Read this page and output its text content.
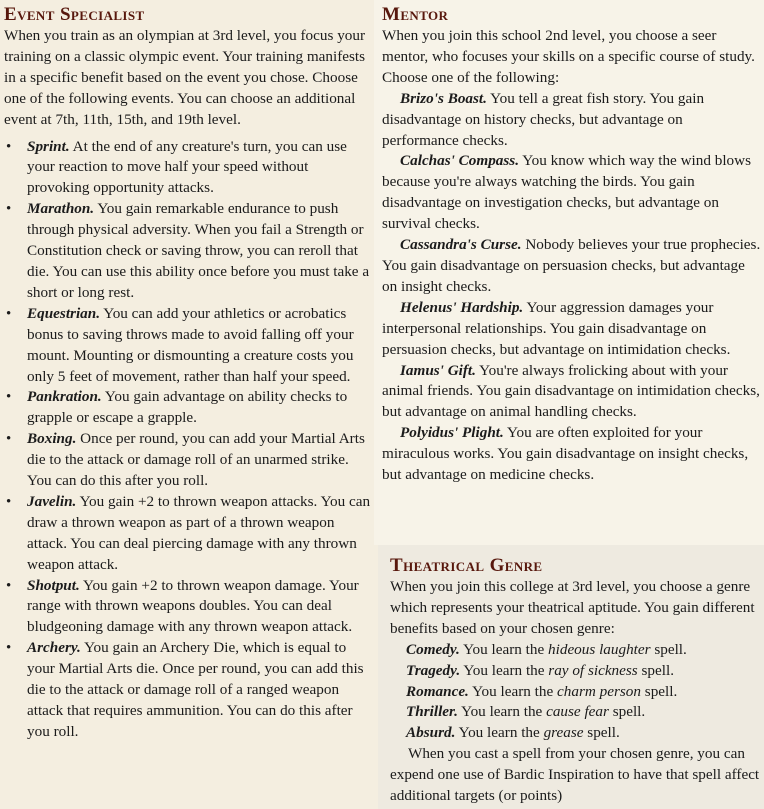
Event Specialist

When you train as an olympian at 3rd level, you focus your training on a classic olympic event. Your training manifests in a specific benefit based on the event you chose. Choose one of the following events. You can choose an additional event at 7th, 11th, 15th, and 19th level.

• Sprint. At the end of any creature's turn, you can use your reaction to move half your speed without provoking opportunity attacks.
• Marathon. You gain remarkable endurance to push through physical adversity. When you fail a Strength or Constitution check or saving throw, you can reroll that die. You can use this ability once before you must take a short or long rest.
• Equestrian. You can add your athletics or acrobatics bonus to saving throws made to avoid falling off your mount. Mounting or dismounting a creature costs you only 5 feet of movement, rather than half your speed.
• Pankration. You gain advantage on ability checks to grapple or escape a grapple.
• Boxing. Once per round, you can add your Martial Arts die to the attack or damage roll of an unarmed strike. You can do this after you roll.
• Javelin. You gain +2 to thrown weapon attacks. You can draw a thrown weapon as part of a thrown weapon attack. You can deal piercing damage with any thrown weapon attack.
• Shotput. You gain +2 to thrown weapon damage. Your range with thrown weapons doubles. You can deal bludgeoning damage with any thrown weapon attack.
• Archery. You gain an Archery Die, which is equal to your Martial Arts die. Once per round, you can add this die to the attack or damage roll of a ranged weapon attack that requires ammunition. You can do this after you roll.
Mentor

When you join this school 2nd level, you choose a seer mentor, who focuses your skills on a specific course of study. Choose one of the following:

Brizo's Boast. You tell a great fish story. You gain disadvantage on history checks, but advantage on performance checks.

Calchas' Compass. You know which way the wind blows because you're always watching the birds. You gain disadvantage on investigation checks, but advantage on survival checks.

Cassandra's Curse. Nobody believes your true prophecies. You gain disadvantage on persuasion checks, but advantage on insight checks.

Helenus' Hardship. Your aggression damages your interpersonal relationships. You gain disadvantage on persuasion checks, but advantage on intimidation checks.

Iamus' Gift. You're always frolicking about with your animal friends. You gain disadvantage on intimidation checks, but advantage on animal handling checks.

Polyidus' Plight. You are often exploited for your miraculous works. You gain disadvantage on insight checks, but advantage on medicine checks.

Theatrical Genre

When you join this college at 3rd level, you choose a genre which represents your theatrical aptitude. You gain different benefits based on your chosen genre:

Comedy. You learn the hideous laughter spell.

Tragedy. You learn the ray of sickness spell.

Romance. You learn the charm person spell.

Thriller. You learn the cause fear spell.

Absurd. You learn the grease spell.

When you cast a spell from your chosen genre, you can expend one use of Bardic Inspiration to have that spell affect additional targets (or points)
